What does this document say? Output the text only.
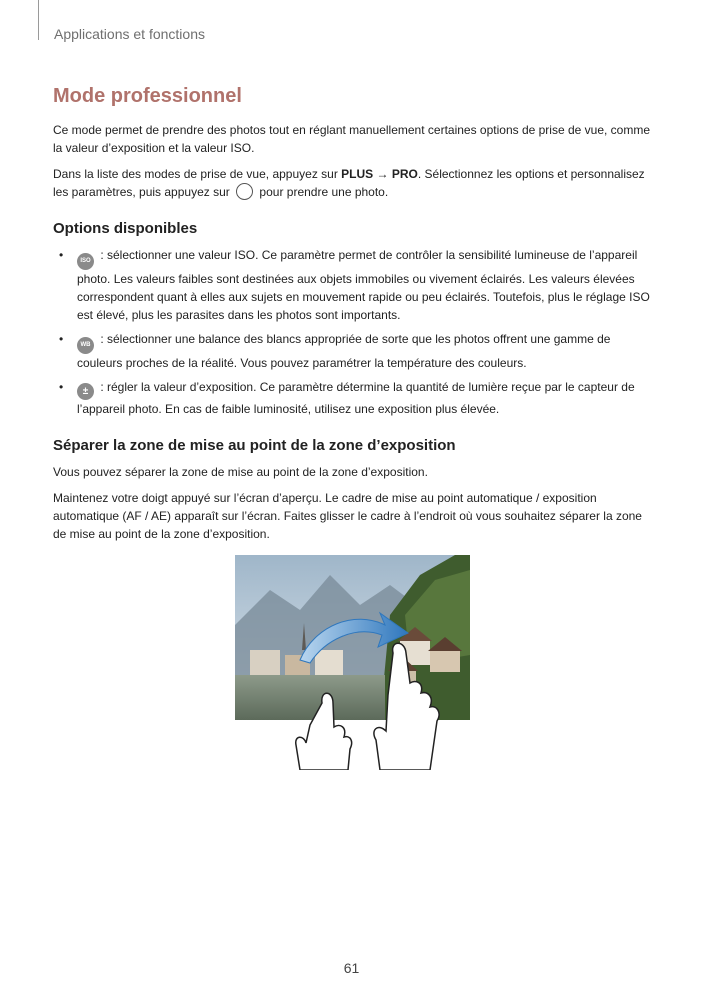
Applications et fonctions
Mode professionnel

Ce mode permet de prendre des photos tout en réglant manuellement certaines options de prise de vue, comme la valeur d’exposition et la valeur ISO.

Dans la liste des modes de prise de vue, appuyez sur PLUS → PRO. Sélectionnez les options et personnalisez les paramètres, puis appuyez sur  pour prendre une photo.

Options disponibles
•	ISO : sélectionner une valeur ISO. Ce paramètre permet de contrôler la sensibilité lumineuse de l’appareil photo. Les valeurs faibles sont destinées aux objets immobiles ou vivement éclairés. Les valeurs élevées correspondent quant à elles aux sujets en mouvement rapide ou peu éclairés. Toutefois, plus le réglage ISO est élevé, plus les parasites dans les photos sont importants.
•	WB : sélectionner une balance des blancs appropriée de sorte que les photos offrent une gamme de couleurs proches de la réalité. Vous pouvez paramétrer la température des couleurs.
• ± : régler la valeur d’exposition. Ce paramètre détermine la quantité de lumière reçue par le capteur de l’appareil photo. En cas de faible luminosité, utilisez une exposition plus élevée.
Séparer la zone de mise au point de la zone d’exposition

Vous pouvez séparer la zone de mise au point de la zone d’exposition.

Maintenez votre doigt appuyé sur l’écran d’aperçu. Le cadre de mise au point automatique / exposition automatique (AF / AE) apparaît sur l’écran. Faites glisser le cadre à l’endroit où vous souhaitez séparer la zone de mise au point de la zone d’exposition.

61
